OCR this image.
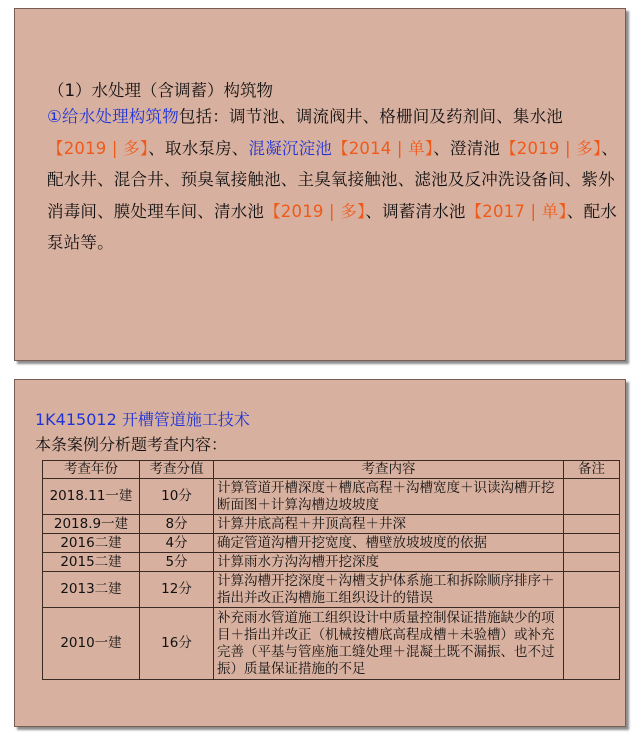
（1）水处理（含调蓄）构筑物
①给水处理构筑物包括：调节池、调流阀井、格栅间及药剂间、集水池【2019 | 多】、取水泵房、混凝沉淀池【2014 | 单】、澄清池【2019 | 多】、配水井、混合井、预臭氧接触池、主臭氧接触池、滤池及反冲洗设备间、紫外消毒间、膜处理车间、清水池【2019 | 多】、调蓄清水池【2017 | 单】、配水泵站等。
1K415012 开槽管道施工技术
本条案例分析题考查内容：
考查年份	考查分值	考查内容	备注
2018.11一建	10分	计算管道开槽深度＋槽底高程＋沟槽宽度＋识读沟槽开挖断面图＋计算沟槽边坡坡度	
2018.9一建	8分	计算井底高程＋井顶高程＋井深	
2016二建	4分	确定管道沟槽开挖宽度、槽壁放坡坡度的依据	
2015二建	5分	计算雨水方沟沟槽开挖深度	
2013二建	12分	计算沟槽开挖深度＋沟槽支护体系施工和拆除顺序排序＋指出并改正沟槽施工组织设计的错误	
2010一建	16分	补充雨水管道施工组织设计中质量控制保证措施缺少的项目＋指出并改正（机械按槽底高程成槽＋未验槽）或补充完善（平基与管座施工缝处理＋混凝土既不漏振、也不过振）质量保证措施的不足	
